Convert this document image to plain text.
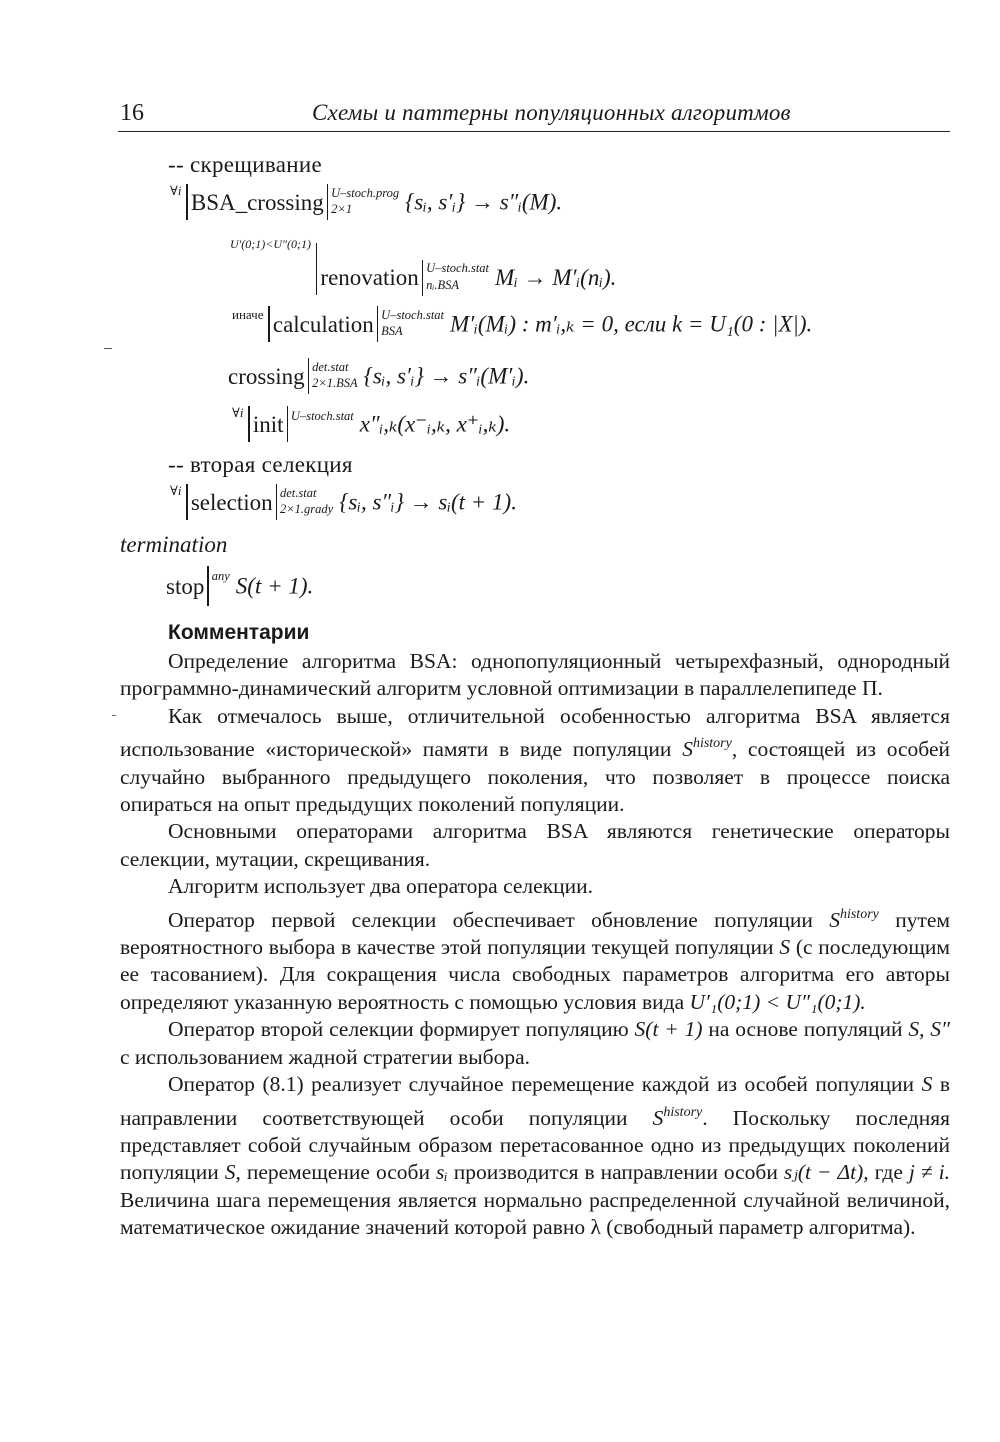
16	Схемы и паттерны популяционных алгоритмов
-- скрещивание
$^{\forall i}$ BSA_crossing U–stoch.prog
2×1	{sᵢ, s′ᵢ} → s″ᵢ(M).
$^{U'(0;1)<U''(0;1)}$renovation U–stoch.stat
nᵢ.BSA	Mᵢ → M′ᵢ(nᵢ).
$^{иначе}$ calculation U–stoch.stat
BSA	M′ᵢ(Mᵢ) : m′ᵢ,ₖ = 0, если k = U₁(0 : |X|).
crossing det.stat
2×1.BSA {sᵢ, s′ᵢ} → s″ᵢ(M′ᵢ).
$^{\forall i}$ init U–stoch.stat x″ᵢ,ₖ(x⁻ᵢ,ₖ, x⁺ᵢ,ₖ).
-- вторая селекция
$^{\forall i}$ selection det.stat
2×1.grady {sᵢ, s″ᵢ} → sᵢ(t + 1).
termination
stop any S(t + 1).
Комментарии

Определение алгоритма BSA: однопопуляционный четырехфазный, однородный программно-динамический алгоритм условной оптимизации в параллелепипеде П.

Как отмечалось выше, отличительной особенностью алгоритма BSA является использование «исторической» памяти в виде популяции $S^{history}$, состоящей из особей случайно выбранного предыдущего поколения, что позволяет в процессе поиска опираться на опыт предыдущих поколений популяции.

Основными операторами алгоритма BSA являются генетические операторы селекции, мутации, скрещивания.

Алгоритм использует два оператора селекции.

Оператор первой селекции обеспечивает обновление популяции $S^{history}$ путем вероятностного выбора в качестве этой популяции текущей популяции S (с последующим ее тасованием). Для сокращения числа свободных параметров алгоритма его авторы определяют указанную вероятность с помощью условия вида U′₁(0;1) < U″₁(0;1).

Оператор второй селекции формирует популяцию S(t + 1) на основе популяций S, S″ с использованием жадной стратегии выбора.

Оператор (8.1) реализует случайное перемещение каждой из особей популяции S в направлении соответствующей особи популяции $S^{history}$. Поскольку последняя представляет собой случайным образом перетасованное одно из предыдущих поколений популяции S, перемещение особи sᵢ производится в направлении особи sⱼ(t − Δt), где j ≠ i. Величина шага перемещения является нормально распределенной случайной величиной, математическое ожидание значений которой равно λ (свободный параметр алгоритма).
